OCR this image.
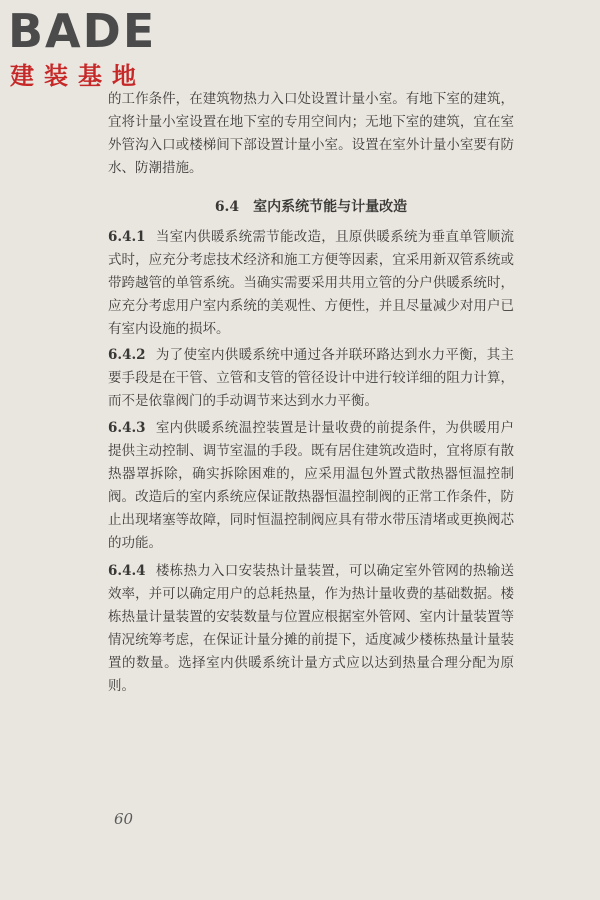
BADE
建装基地
的工作条件，在建筑物热力入口处设置计量小室。有地下室的建筑，宜将计量小室设置在地下室的专用空间内；无地下室的建筑，宜在室外管沟入口或楼梯间下部设置计量小室。设置在室外计量小室要有防水、防潮措施。
6.4 室内系统节能与计量改造
6.4.1 当室内供暖系统需节能改造，且原供暖系统为垂直单管顺流式时，应充分考虑技术经济和施工方便等因素，宜采用新双管系统或带跨越管的单管系统。当确实需要采用共用立管的分户供暖系统时，应充分考虑用户室内系统的美观性、方便性，并且尽量减少对用户已有室内设施的损坏。
6.4.2 为了使室内供暖系统中通过各并联环路达到水力平衡，其主要手段是在干管、立管和支管的管径设计中进行较详细的阻力计算，而不是依靠阀门的手动调节来达到水力平衡。
6.4.3 室内供暖系统温控装置是计量收费的前提条件，为供暖用户提供主动控制、调节室温的手段。既有居住建筑改造时，宜将原有散热器罩拆除，确实拆除困难的，应采用温包外置式散热器恒温控制阀。改造后的室内系统应保证散热器恒温控制阀的正常工作条件，防止出现堵塞等故障，同时恒温控制阀应具有带水带压清堵或更换阀芯的功能。
6.4.4 楼栋热力入口安装热计量装置，可以确定室外管网的热输送效率，并可以确定用户的总耗热量，作为热计量收费的基础数据。楼栋热量计量装置的安装数量与位置应根据室外管网、室内计量装置等情况统筹考虑，在保证计量分摊的前提下，适度减少楼栋热量计量装置的数量。选择室内供暖系统计量方式应以达到热量合理分配为原则。
60
